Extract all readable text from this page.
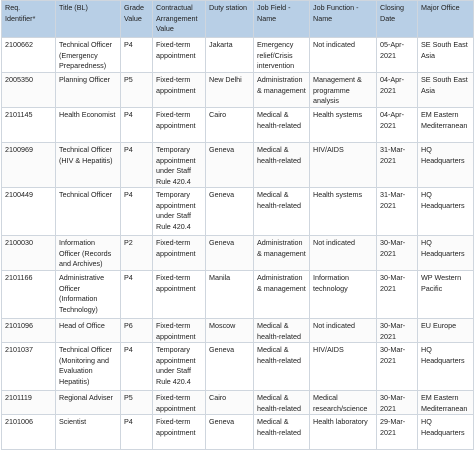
Req. Identifier*	Title (BL)	Grade Value	Contractual Arrangement Value	Duty station	Job Field - Name	Job Function - Name	Closing Date	Major Office
2100662	Technical Officer (Emergency Preparedness)	P4	Fixed-term appointment	Jakarta	Emergency relief/Crisis intervention	Not indicated	05-Apr-2021	SE South East Asia
2005350	Planning Officer	P5	Fixed-term appointment	New Delhi	Administration & management	Management & programme analysis	04-Apr-2021	SE South East Asia
2101145	Health Economist	P4	Fixed-term appointment	Cairo	Medical & health-related	Health systems	04-Apr-2021	EM Eastern Mediterranean
2100969	Technical Officer (HIV & Hepatitis)	P4	Temporary appointment under Staff Rule 420.4	Geneva	Medical & health-related	HIV/AIDS	31-Mar-2021	HQ Headquarters
2100449	Technical Officer	P4	Temporary appointment under Staff Rule 420.4	Geneva	Medical & health-related	Health systems	31-Mar-2021	HQ Headquarters
2100030	Information Officer (Records and Archives)	P2	Fixed-term appointment	Geneva	Administration & management	Not indicated	30-Mar-2021	HQ Headquarters
2101166	Administrative Officer (Information Technology)	P4	Fixed-term appointment	Manila	Administration & management	Information technology	30-Mar-2021	WP Western Pacific
2101096	Head of Office	P6	Fixed-term appointment	Moscow	Medical & health-related	Not indicated	30-Mar-2021	EU Europe
2101037	Technical Officer (Monitoring and Evaluation Hepatitis)	P4	Temporary appointment under Staff Rule 420.4	Geneva	Medical & health-related	HIV/AIDS	30-Mar-2021	HQ Headquarters
2101119	Regional Adviser	P5	Fixed-term appointment	Cairo	Medical & health-related	Medical research/science	30-Mar-2021	EM Eastern Mediterranean
2101006	Scientist	P4	Fixed-term appointment	Geneva	Medical & health-related	Health laboratory	29-Mar-2021	HQ Headquarters
